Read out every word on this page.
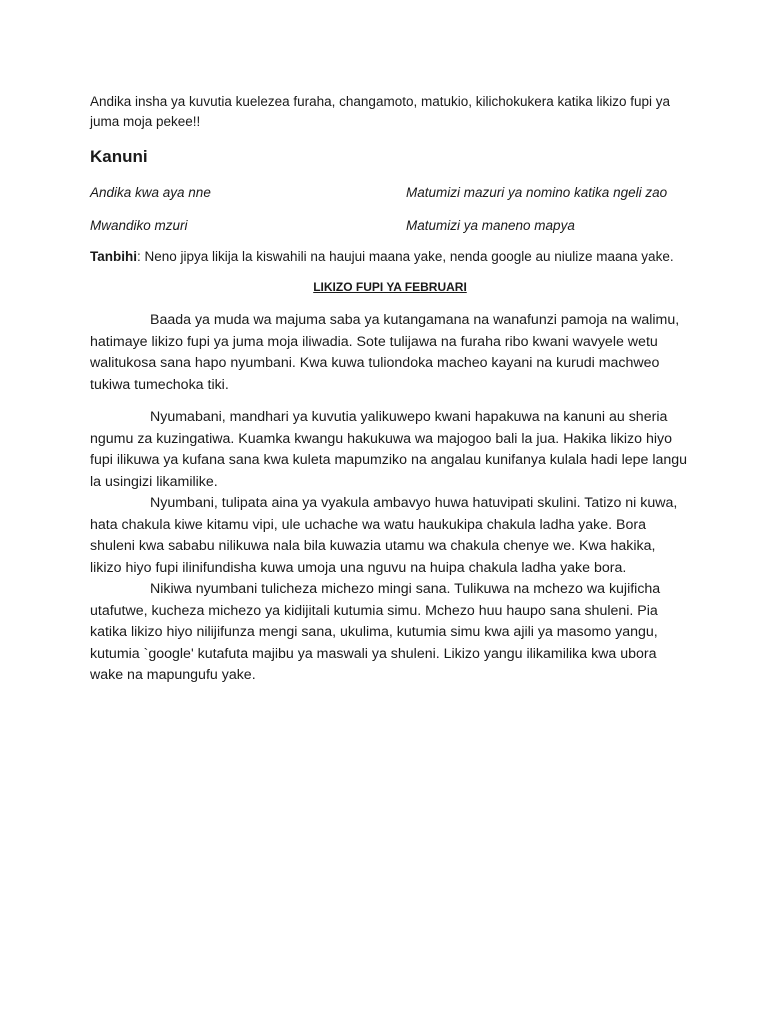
Andika insha ya kuvutia kuelezea furaha, changamoto, matukio, kilichokukera katika likizo fupi ya juma moja pekee!!

Kanuni
Andika kwa aya nne	Matumizi mazuri ya nomino katika ngeli zao
Mwandiko mzuri	Matumizi ya maneno mapya
Tanbihi: Neno jipya likija la kiswahili na haujui maana yake, nenda google au niulize maana yake.
LIKIZO FUPI YA FEBRUARI

Baada ya muda wa majuma saba ya kutangamana na wanafunzi pamoja na walimu, hatimaye likizo fupi ya juma moja iliwadia. Sote tulijawa na furaha ribo kwani wavyele wetu walitukosa sana hapo nyumbani. Kwa kuwa tuliondoka macheo kayani na kurudi machweo tukiwa tumechoka tiki.

Nyumabani, mandhari ya kuvutia yalikuwepo kwani hapakuwa na kanuni au sheria ngumu za kuzingatiwa. Kuamka kwangu hakukuwa wa majogoo bali la jua. Hakika likizo hiyo fupi ilikuwa ya kufana sana kwa kuleta mapumziko na angalau kunifanya kulala hadi lepe langu la usingizi likamilike.

Nyumbani, tulipata aina ya vyakula ambavyo huwa hatuvipati skulini. Tatizo ni kuwa, hata chakula kiwe kitamu vipi, ule uchache wa watu haukukipa chakula ladha yake. Bora shuleni kwa sababu nilikuwa nala bila kuwazia utamu wa chakula chenye we. Kwa hakika, likizo hiyo fupi ilinifundisha kuwa umoja una nguvu na huipa chakula ladha yake bora.

Nikiwa nyumbani tulicheza michezo mingi sana. Tulikuwa na mchezo wa kujificha utafutwe, kucheza michezo ya kidijitali kutumia simu. Mchezo huu haupo sana shuleni. Pia katika likizo hiyo nilijifunza mengi sana, ukulima, kutumia simu kwa ajili ya masomo yangu, kutumia `google' kutafuta majibu ya maswali ya shuleni. Likizo yangu ilikamilika kwa ubora wake na mapungufu yake.
